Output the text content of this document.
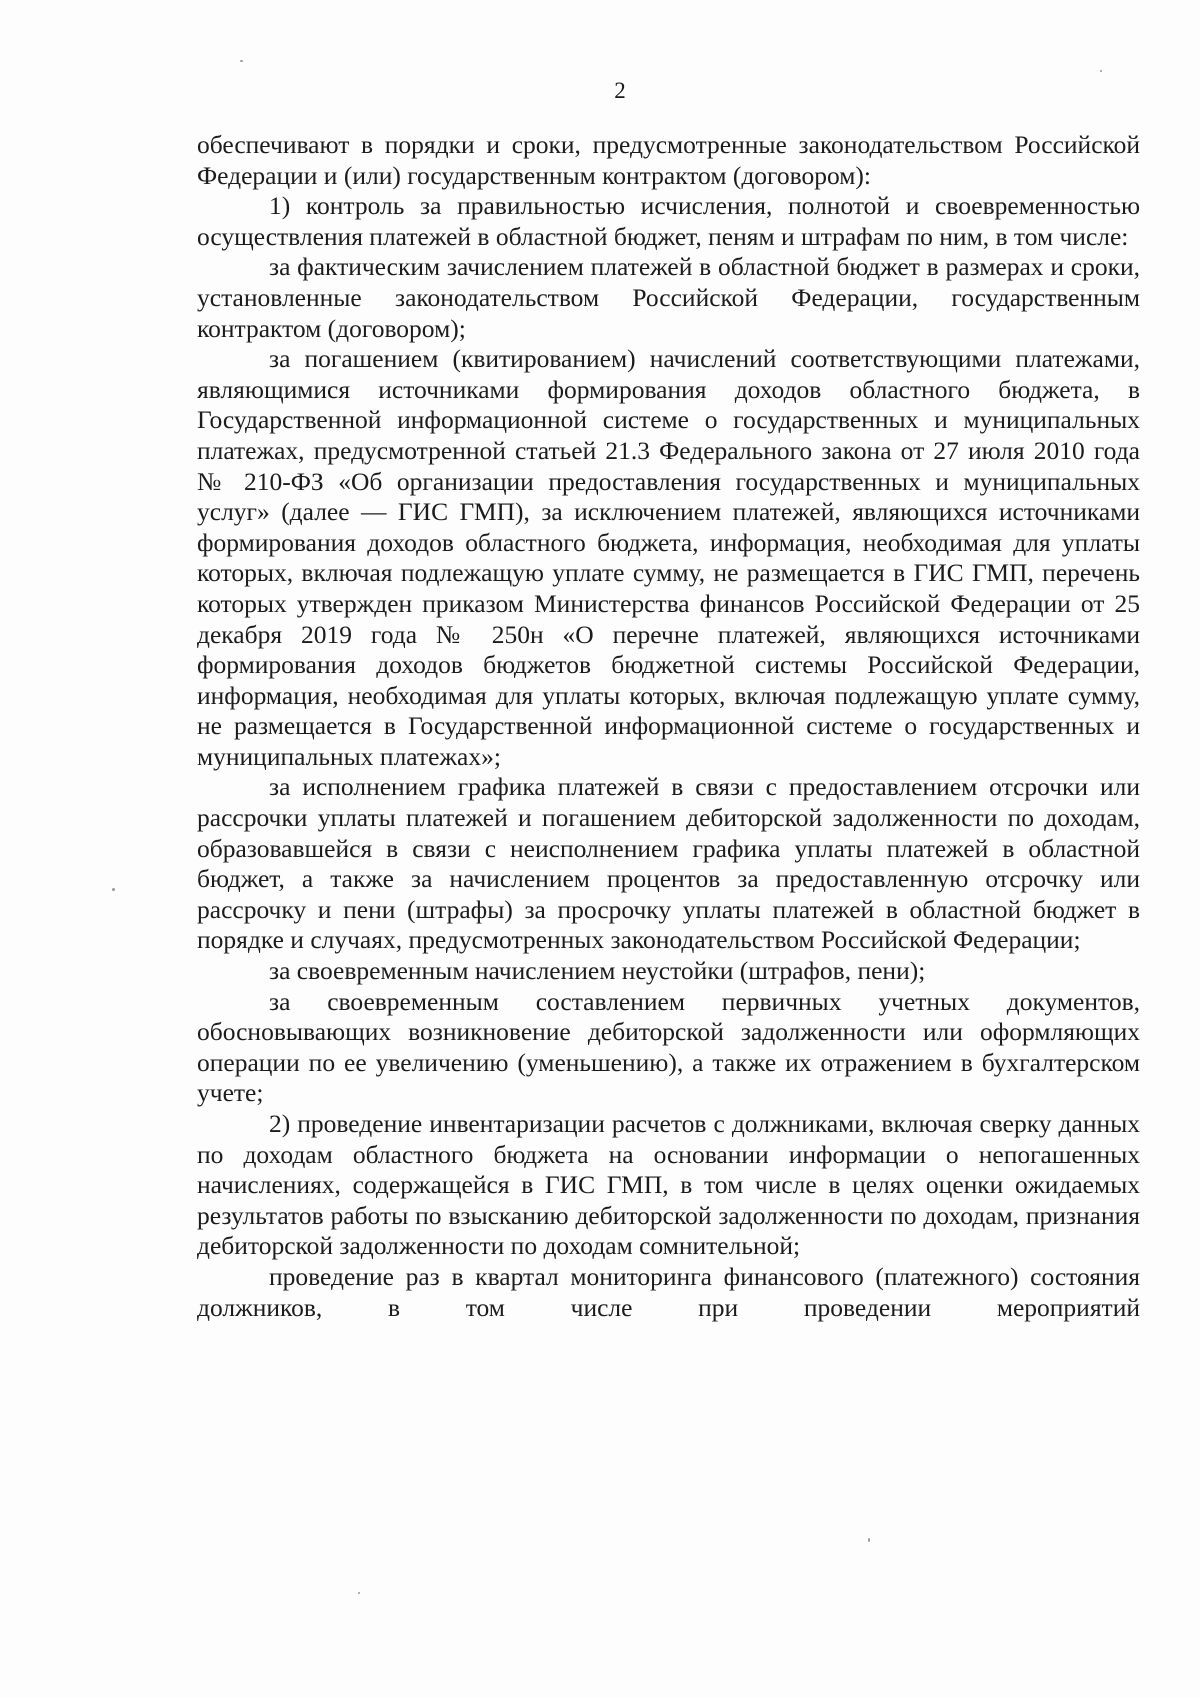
2

обеспечивают в порядки и сроки, предусмотренные законодательством Российской Федерации и (или) государственным контрактом (договором):

1) контроль за правильностью исчисления, полнотой и своевременностью осуществления платежей в областной бюджет, пеням и штрафам по ним, в том числе:

за фактическим зачислением платежей в областной бюджет в размерах и сроки, установленные законодательством Российской Федерации, государственным контрактом (договором);

за погашением (квитированием) начислений соответствующими платежами, являющимися источниками формирования доходов областного бюджета, в Государственной информационной системе о государственных и муниципальных платежах, предусмотренной статьей 21.3 Федерального закона от 27 июля 2010 года № 210-ФЗ «Об организации предоставления государственных и муниципальных услуг» (далее — ГИС ГМП), за исключением платежей, являющихся источниками формирования доходов областного бюджета, информация, необходимая для уплаты которых, включая подлежащую уплате сумму, не размещается в ГИС ГМП, перечень которых утвержден приказом Министерства финансов Российской Федерации от 25 декабря 2019 года № 250н «О перечне платежей, являющихся источниками формирования доходов бюджетов бюджетной системы Российской Федерации, информация, необходимая для уплаты которых, включая подлежащую уплате сумму, не размещается в Государственной информационной системе о государственных и муниципальных платежах»;

за исполнением графика платежей в связи с предоставлением отсрочки или рассрочки уплаты платежей и погашением дебиторской задолженности по доходам, образовавшейся в связи с неисполнением графика уплаты платежей в областной бюджет, а также за начислением процентов за предоставленную отсрочку или рассрочку и пени (штрафы) за просрочку уплаты платежей в областной бюджет в порядке и случаях, предусмотренных законодательством Российской Федерации;

за своевременным начислением неустойки (штрафов, пени);

за своевременным составлением первичных учетных документов, обосновывающих возникновение дебиторской задолженности или оформляющих операции по ее увеличению (уменьшению), а также их отражением в бухгалтерском учете;

2) проведение инвентаризации расчетов с должниками, включая сверку данных по доходам областного бюджета на основании информации о непогашенных начислениях, содержащейся в ГИС ГМП, в том числе в целях оценки ожидаемых результатов работы по взысканию дебиторской задолженности по доходам, признания дебиторской задолженности по доходам сомнительной;

проведение раз в квартал мониторинга финансового (платежного) состояния должников, в том числе при проведении мероприятий
